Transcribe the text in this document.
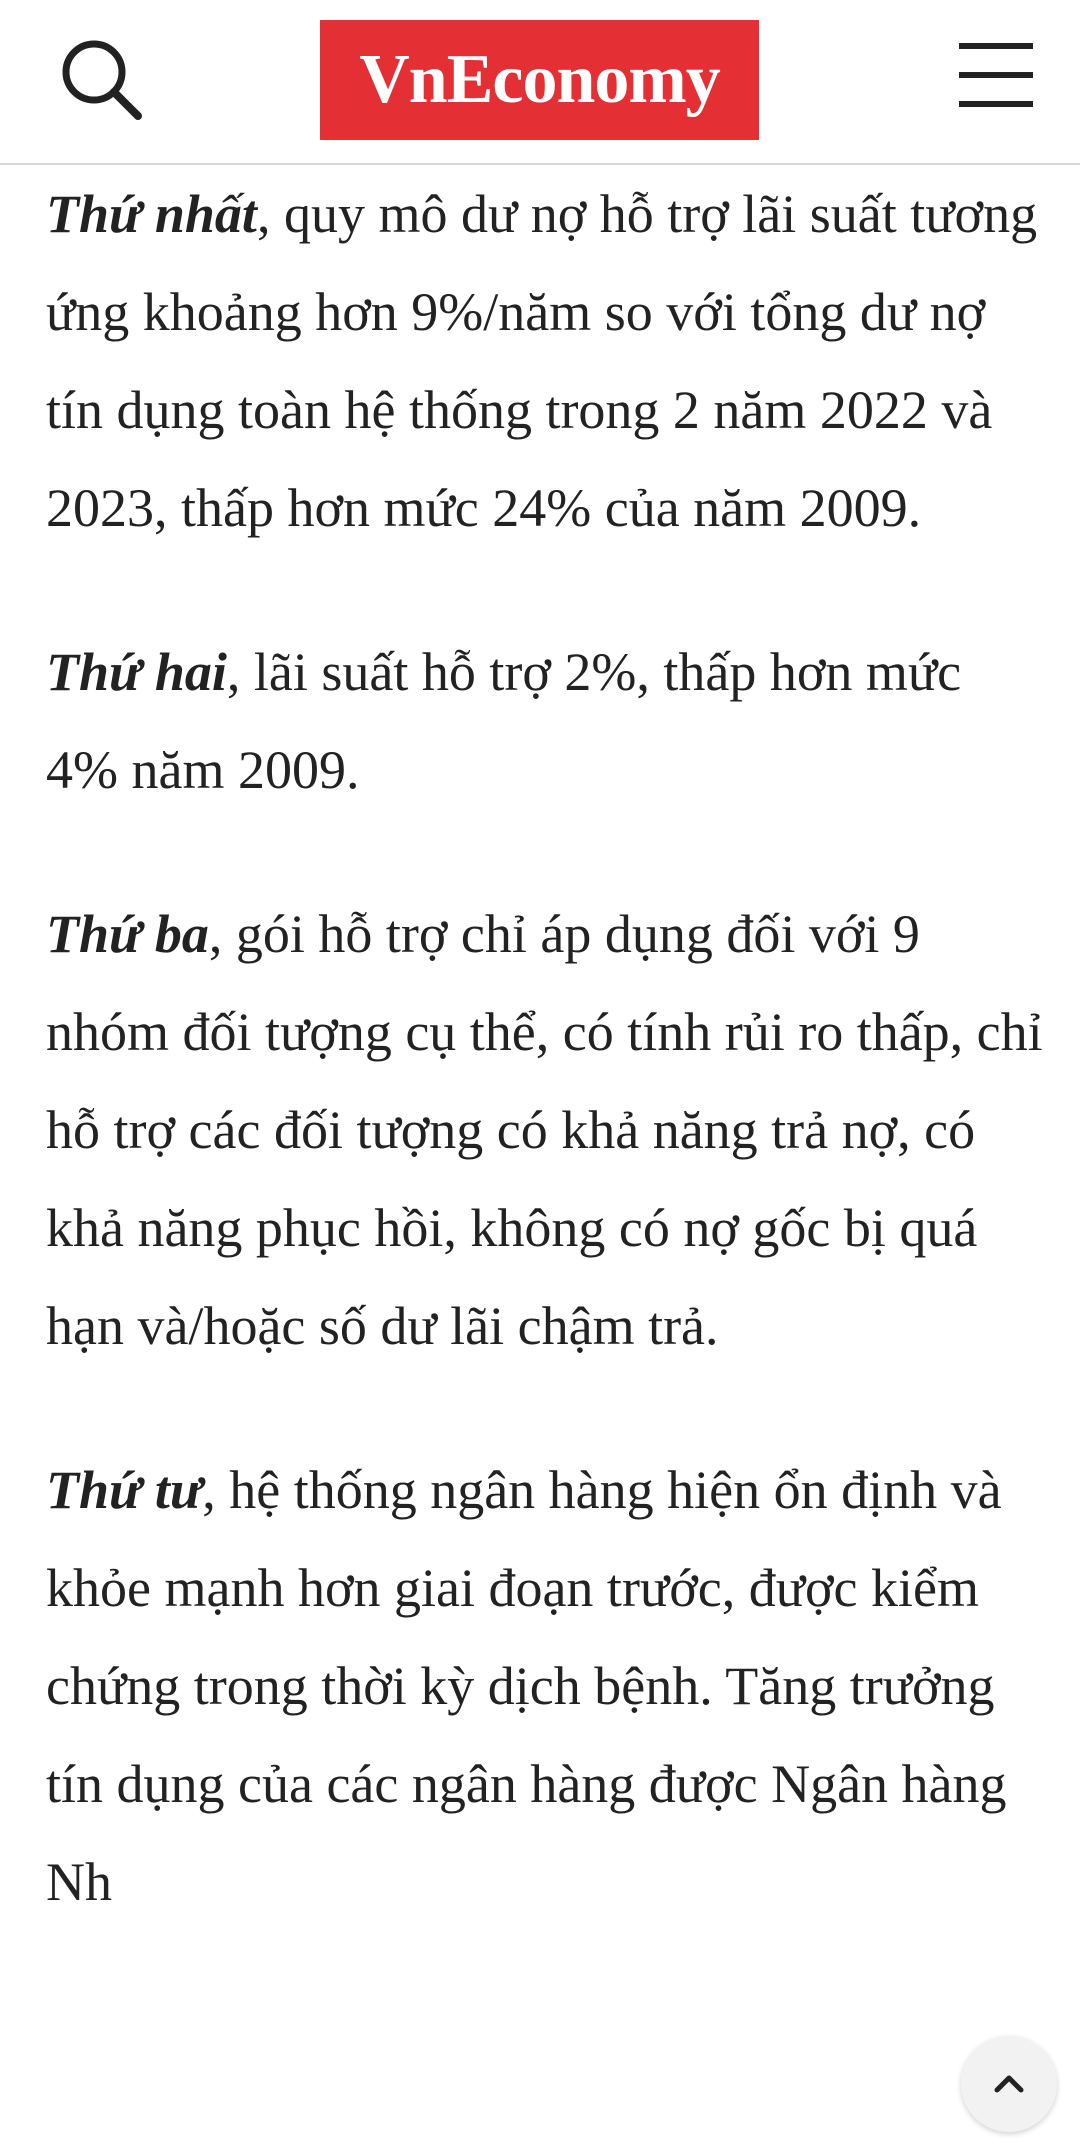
VnEconomy

Thứ nhất, quy mô dư nợ hỗ trợ lãi suất tương ứng khoảng hơn 9%/năm so với tổng dư nợ tín dụng toàn hệ thống trong 2 năm 2022 và 2023, thấp hơn mức 24% của năm 2009.

Thứ hai, lãi suất hỗ trợ 2%, thấp hơn mức 4% năm 2009.

Thứ ba, gói hỗ trợ chỉ áp dụng đối với 9 nhóm đối tượng cụ thể, có tính rủi ro thấp, chỉ hỗ trợ các đối tượng có khả năng trả nợ, có khả năng phục hồi, không có nợ gốc bị quá hạn và/hoặc số dư lãi chậm trả.

Thứ tư, hệ thống ngân hàng hiện ổn định và khỏe mạnh hơn giai đoạn trước, được kiểm chứng trong thời kỳ dịch bệnh. Tăng trưởng tín dụng của các ngân hàng được Ngân hàng Nh
